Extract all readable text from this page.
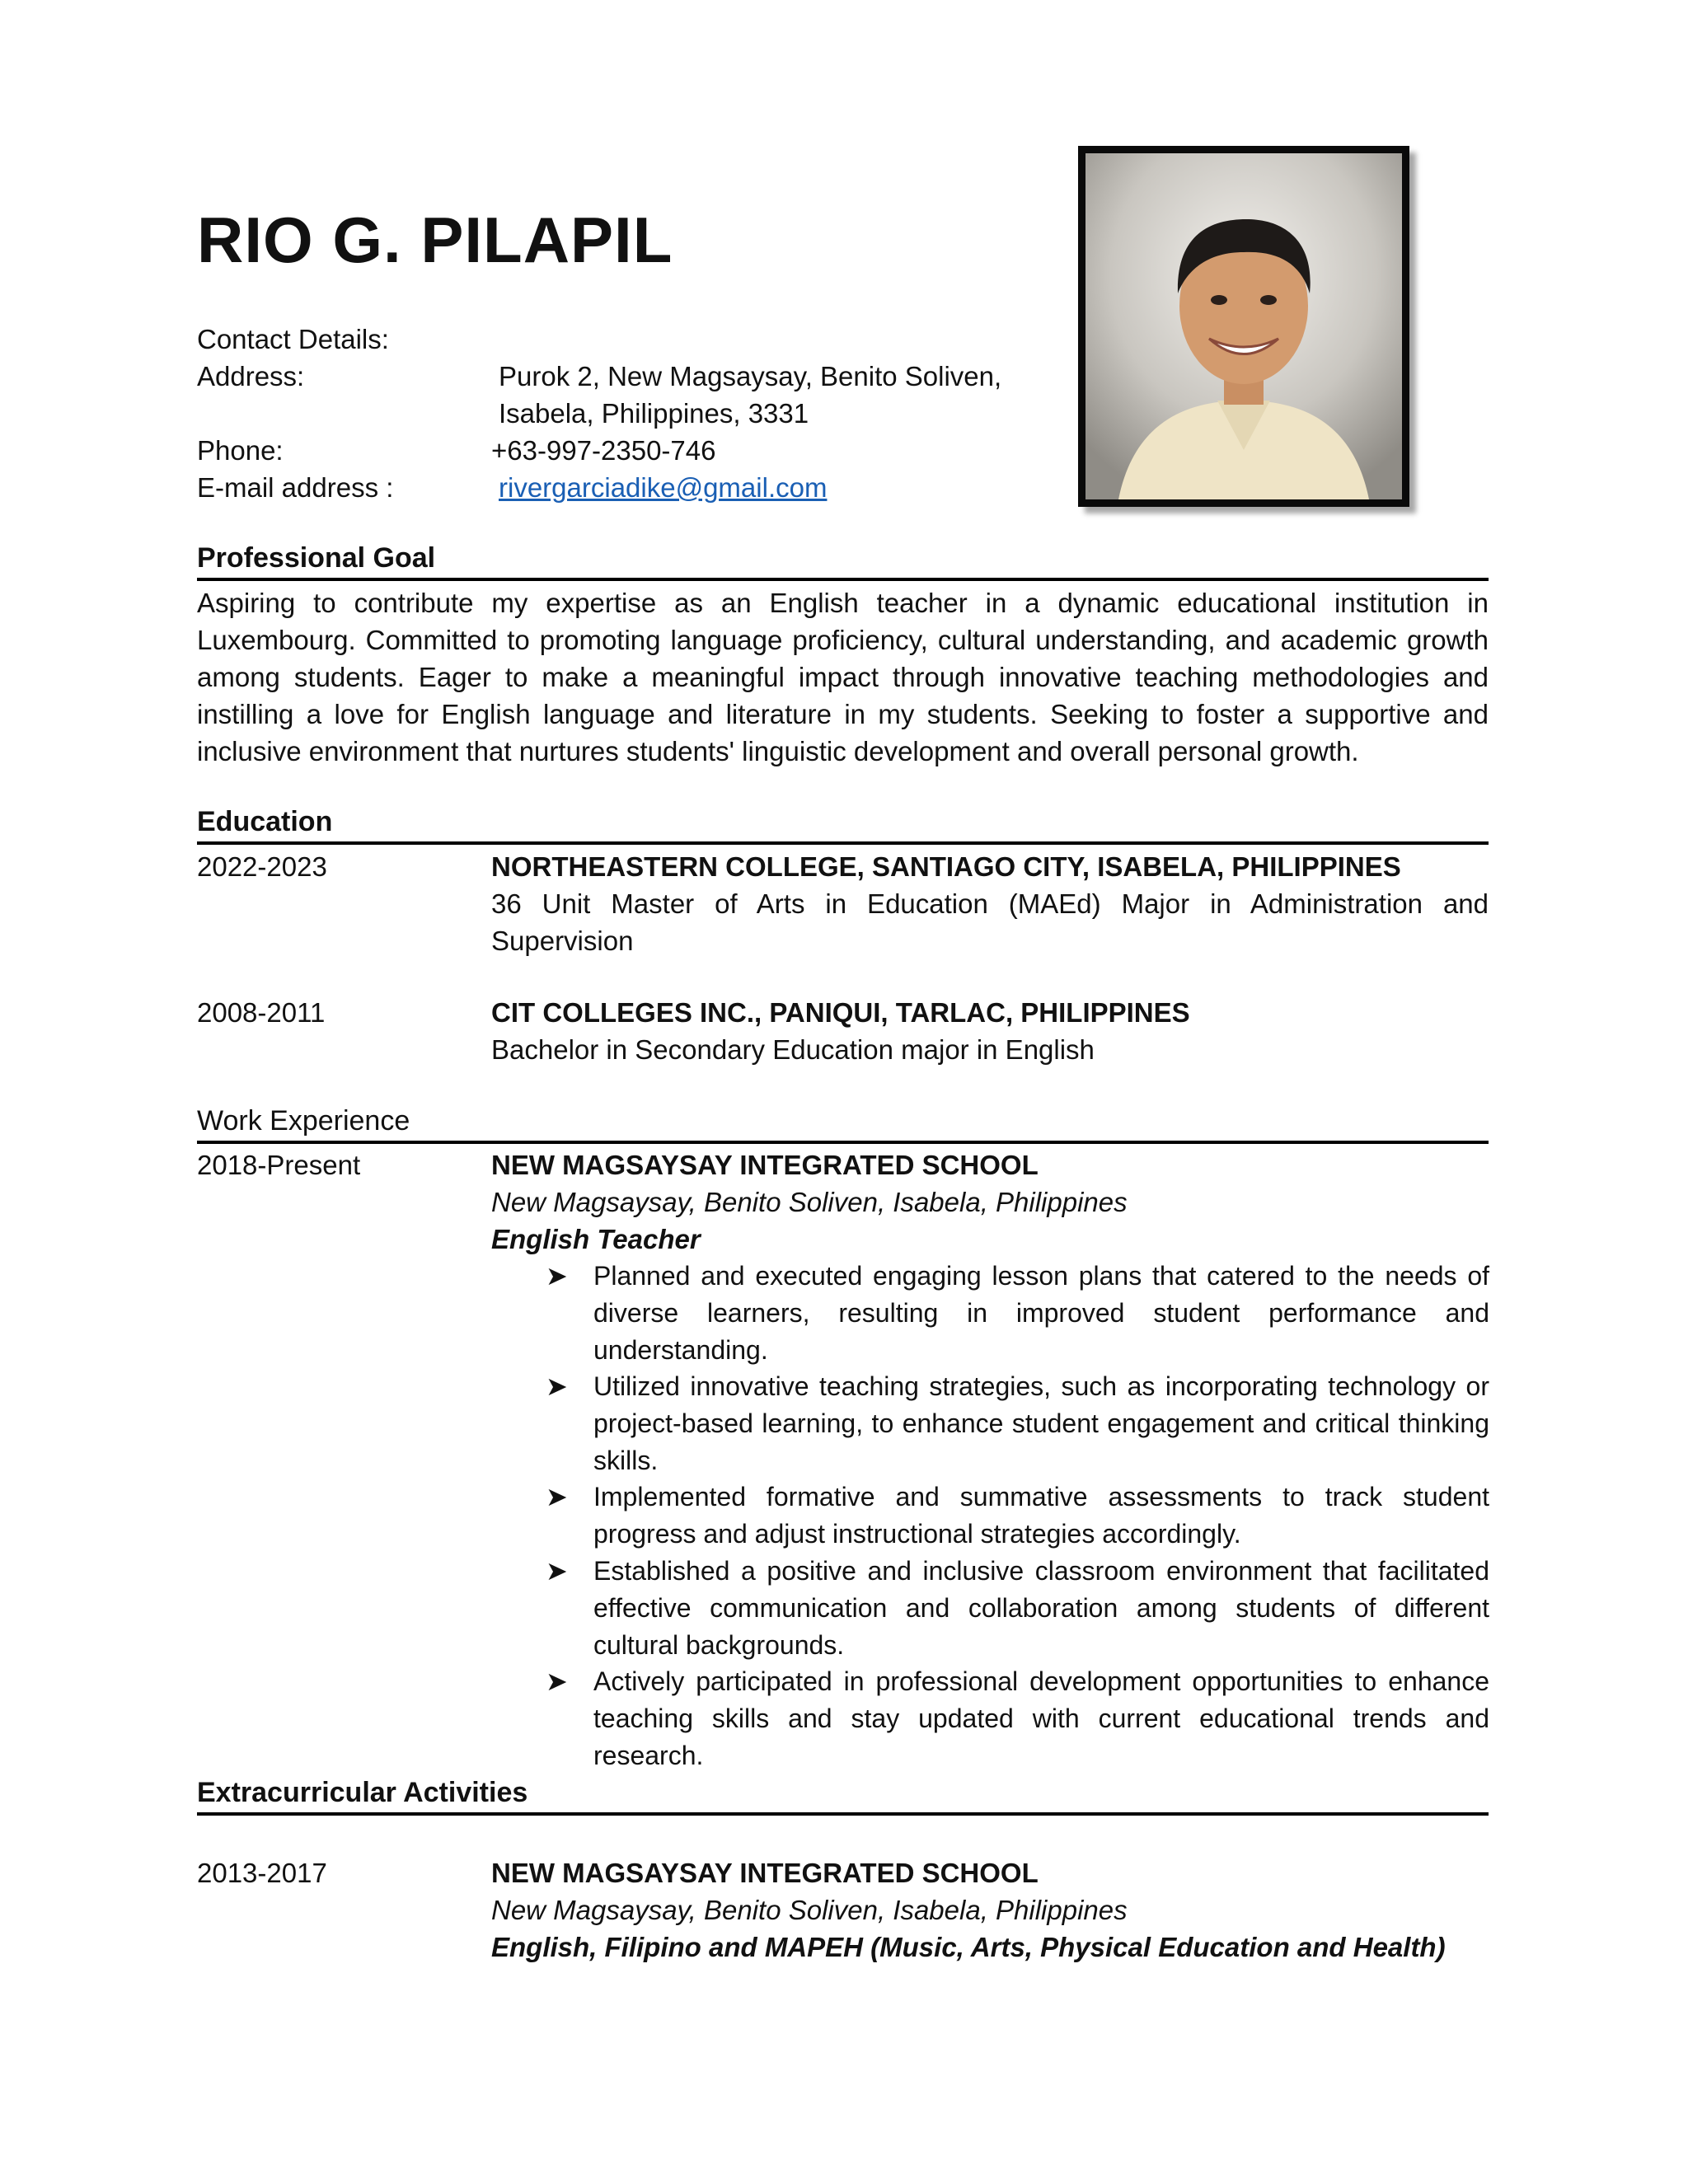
RIO G. PILAPIL
Contact Details:
Address:	Purok 2, New Magsaysay, Benito Soliven,
Isabela, Philippines, 3331
Phone:	+63-997-2350-746
E-mail address :	rivergarciadike@gmail.com
Professional Goal
Aspiring to contribute my expertise as an English teacher in a dynamic educational institution in Luxembourg. Committed to promoting language proficiency, cultural understanding, and academic growth among students. Eager to make a meaningful impact through innovative teaching methodologies and instilling a love for English language and literature in my students. Seeking to foster a supportive and inclusive environment that nurtures students' linguistic development and overall personal growth.
Education
2022-2023	NORTHEASTERN COLLEGE, SANTIAGO CITY, ISABELA, PHILIPPINES
36 Unit Master of Arts in Education (MAEd) Major in Administration and Supervision
2008-2011	CIT COLLEGES INC., PANIQUI, TARLAC, PHILIPPINES
Bachelor in Secondary Education major in English
Work Experience
2018-Present	NEW MAGSAYSAY INTEGRATED SCHOOL
New Magsaysay, Benito Soliven, Isabela, Philippines
English Teacher
➤ Planned and executed engaging lesson plans that catered to the needs of diverse learners, resulting in improved student performance and understanding.
➤ Utilized innovative teaching strategies, such as incorporating technology or project-based learning, to enhance student engagement and critical thinking skills.
➤ Implemented formative and summative assessments to track student progress and adjust instructional strategies accordingly.
➤ Established a positive and inclusive classroom environment that facilitated effective communication and collaboration among students of different cultural backgrounds.
➤ Actively participated in professional development opportunities to enhance teaching skills and stay updated with current educational trends and research.
Extracurricular Activities
2013-2017	NEW MAGSAYSAY INTEGRATED SCHOOL
New Magsaysay, Benito Soliven, Isabela, Philippines
English, Filipino and MAPEH (Music, Arts, Physical Education and Health)
